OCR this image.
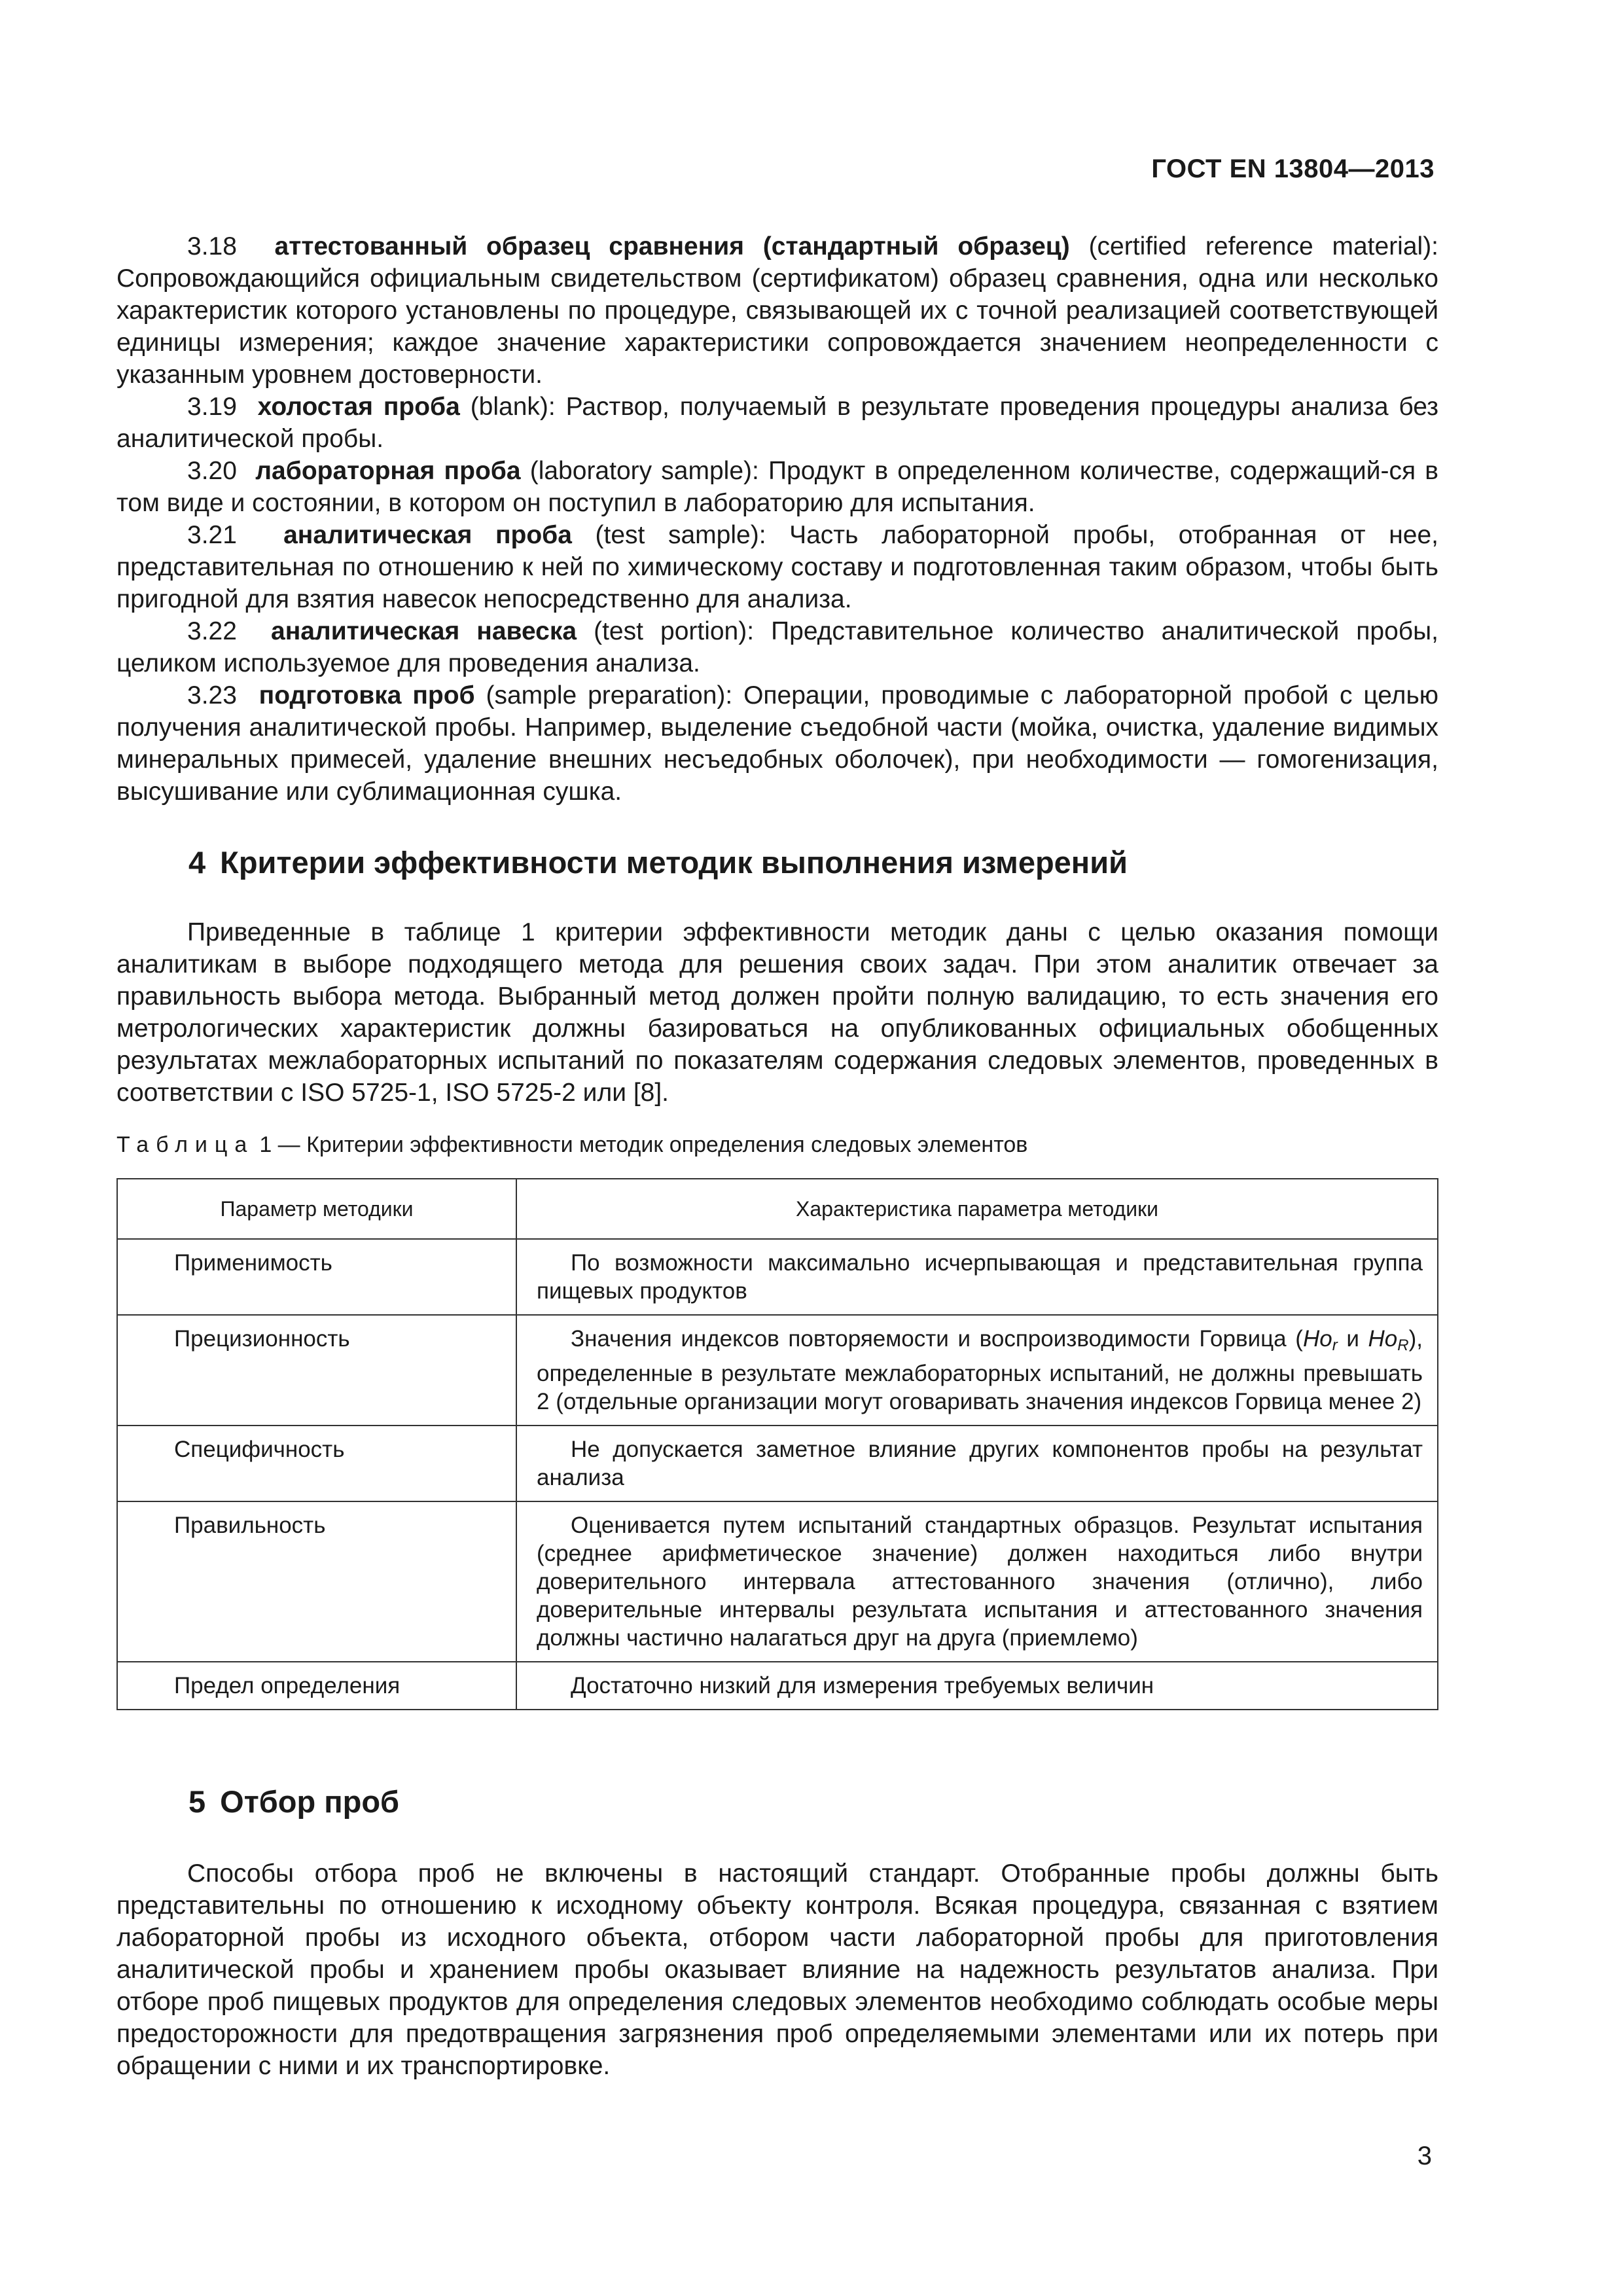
ГОСТ EN 13804—2013

3.18 аттестованный образец сравнения (стандартный образец) (certified reference material): Сопровождающийся официальным свидетельством (сертификатом) образец сравнения, одна или несколько характеристик которого установлены по процедуре, связывающей их с точной реализацией соответствующей единицы измерения; каждое значение характеристики сопровождается значением неопределенности с указанным уровнем достоверности.

3.19 холостая проба (blank): Раствор, получаемый в результате проведения процедуры анализа без аналитической пробы.

3.20 лабораторная проба (laboratory sample): Продукт в определенном количестве, содержащий-ся в том виде и состоянии, в котором он поступил в лабораторию для испытания.

3.21 аналитическая проба (test sample): Часть лабораторной пробы, отобранная от нее, представительная по отношению к ней по химическому составу и подготовленная таким образом, чтобы быть пригодной для взятия навесок непосредственно для анализа.

3.22 аналитическая навеска (test portion): Представительное количество аналитической пробы, целиком используемое для проведения анализа.

3.23 подготовка проб (sample preparation): Операции, проводимые с лабораторной пробой с целью получения аналитической пробы. Например, выделение съедобной части (мойка, очистка, удаление видимых минеральных примесей, удаление внешних несъедобных оболочек), при необходимости — гомогенизация, высушивание или сублимационная сушка.

4 Критерии эффективности методик выполнения измерений

Приведенные в таблице 1 критерии эффективности методик даны с целью оказания помощи аналитикам в выборе подходящего метода для решения своих задач. При этом аналитик отвечает за правильность выбора метода. Выбранный метод должен пройти полную валидацию, то есть значения его метрологических характеристик должны базироваться на опубликованных официальных обобщенных результатах межлабораторных испытаний по показателям содержания следовых элементов, проведенных в соответствии с ISO 5725-1, ISO 5725-2 или [8].

Таблица 1 — Критерии эффективности методик определения следовых элементов
Параметр методики	Характеристика параметра методики
Применимость	По возможности максимально исчерпывающая и представительная группа пищевых продуктов
Прецизионность	Значения индексов повторяемости и воспроизводимости Горвица ($Ho_r$ и $Ho_R$), определенные в результате межлабораторных испытаний, не должны превышать 2 (отдельные организации могут оговаривать значения индексов Горвица менее 2)
Специфичность	Не допускается заметное влияние других компонентов пробы на результат анализа
Правильность	Оценивается путем испытаний стандартных образцов. Результат испытания (среднее арифметическое значение) должен находиться либо внутри доверительного интервала аттестованного значения (отлично), либо доверительные интервалы результата испытания и аттестованного значения должны частично налагаться друг на друга (приемлемо)
Предел определения	Достаточно низкий для измерения требуемых величин
5 Отбор проб

Способы отбора проб не включены в настоящий стандарт. Отобранные пробы должны быть представительны по отношению к исходному объекту контроля. Всякая процедура, связанная с взятием лабораторной пробы из исходного объекта, отбором части лабораторной пробы для приготовления аналитической пробы и хранением пробы оказывает влияние на надежность результатов анализа. При отборе проб пищевых продуктов для определения следовых элементов необходимо соблюдать особые меры предосторожности для предотвращения загрязнения проб определяемыми элементами или их потерь при обращении с ними и их транспортировке.

3
